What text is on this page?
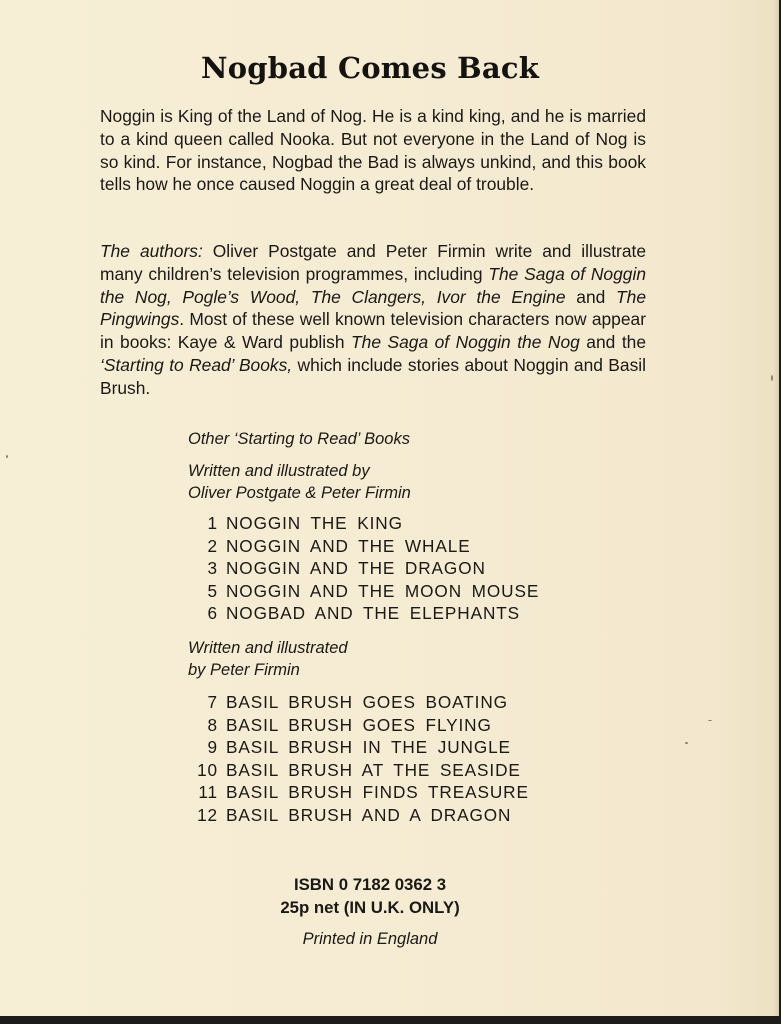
Nogbad Comes Back

Noggin is King of the Land of Nog. He is a kind king, and he is married to a kind queen called Nooka. But not everyone in the Land of Nog is so kind. For instance, Nogbad the Bad is always unkind, and this book tells how he once caused Noggin a great deal of trouble.

The authors: Oliver Postgate and Peter Firmin write and illustrate many children’s television programmes, including The Saga of Noggin the Nog, Pogle’s Wood, The Clangers, Ivor the Engine and The Pingwings. Most of these well known television characters now appear in books: Kaye & Ward publish The Saga of Noggin the Nog and the ‘Starting to Read’ Books, which include stories about Noggin and Basil Brush.

Other ‘Starting to Read’ Books

Written and illustrated by

Oliver Postgate & Peter Firmin

1 NOGGIN THE KING
2 NOGGIN AND THE WHALE
3 NOGGIN AND THE DRAGON
5 NOGGIN AND THE MOON MOUSE
6 NOGBAD AND THE ELEPHANTS

Written and illustrated

by Peter Firmin

7 BASIL BRUSH GOES BOATING
8 BASIL BRUSH GOES FLYING
9 BASIL BRUSH IN THE JUNGLE
10 BASIL BRUSH AT THE SEASIDE
11 BASIL BRUSH FINDS TREASURE
12 BASIL BRUSH AND A DRAGON

ISBN 0 7182 0362 3

25p net (IN U.K. ONLY)

Printed in England
